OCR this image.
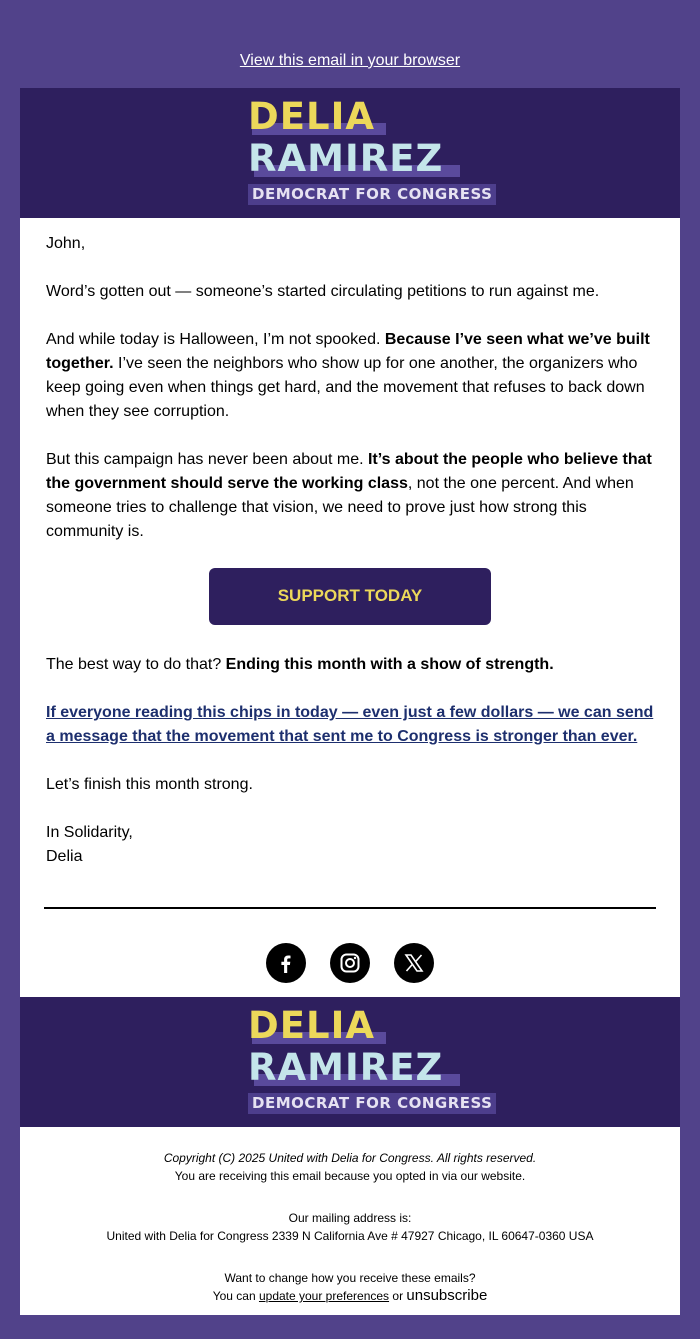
View this email in your browser
DELIA
RAMIREZ
DEMOCRAT FOR CONGRESS

John,

Word’s gotten out — someone’s started circulating petitions to run against me.

And while today is Halloween, I’m not spooked. Because I’ve seen what we’ve built together. I’ve seen the neighbors who show up for one another, the organizers who keep going even when things get hard, and the movement that refuses to back down when they see corruption.

But this campaign has never been about me. It’s about the people who believe that the government should serve the working class, not the one percent. And when someone tries to challenge that vision, we need to prove just how strong this community is.

SUPPORT TODAY

The best way to do that? Ending this month with a show of strength.

If everyone reading this chips in today — even just a few dollars — we can send a message that the movement that sent me to Congress is stronger than ever.

Let’s finish this month strong.

In Solidarity,
Delia

DELIA
RAMIREZ
DEMOCRAT FOR CONGRESS

Copyright (C) 2025 United with Delia for Congress. All rights reserved.
You are receiving this email because you opted in via our website.

Our mailing address is:
United with Delia for Congress 2339 N California Ave # 47927 Chicago, IL 60647-0360 USA

Want to change how you receive these emails?
You can update your preferences or unsubscribe
